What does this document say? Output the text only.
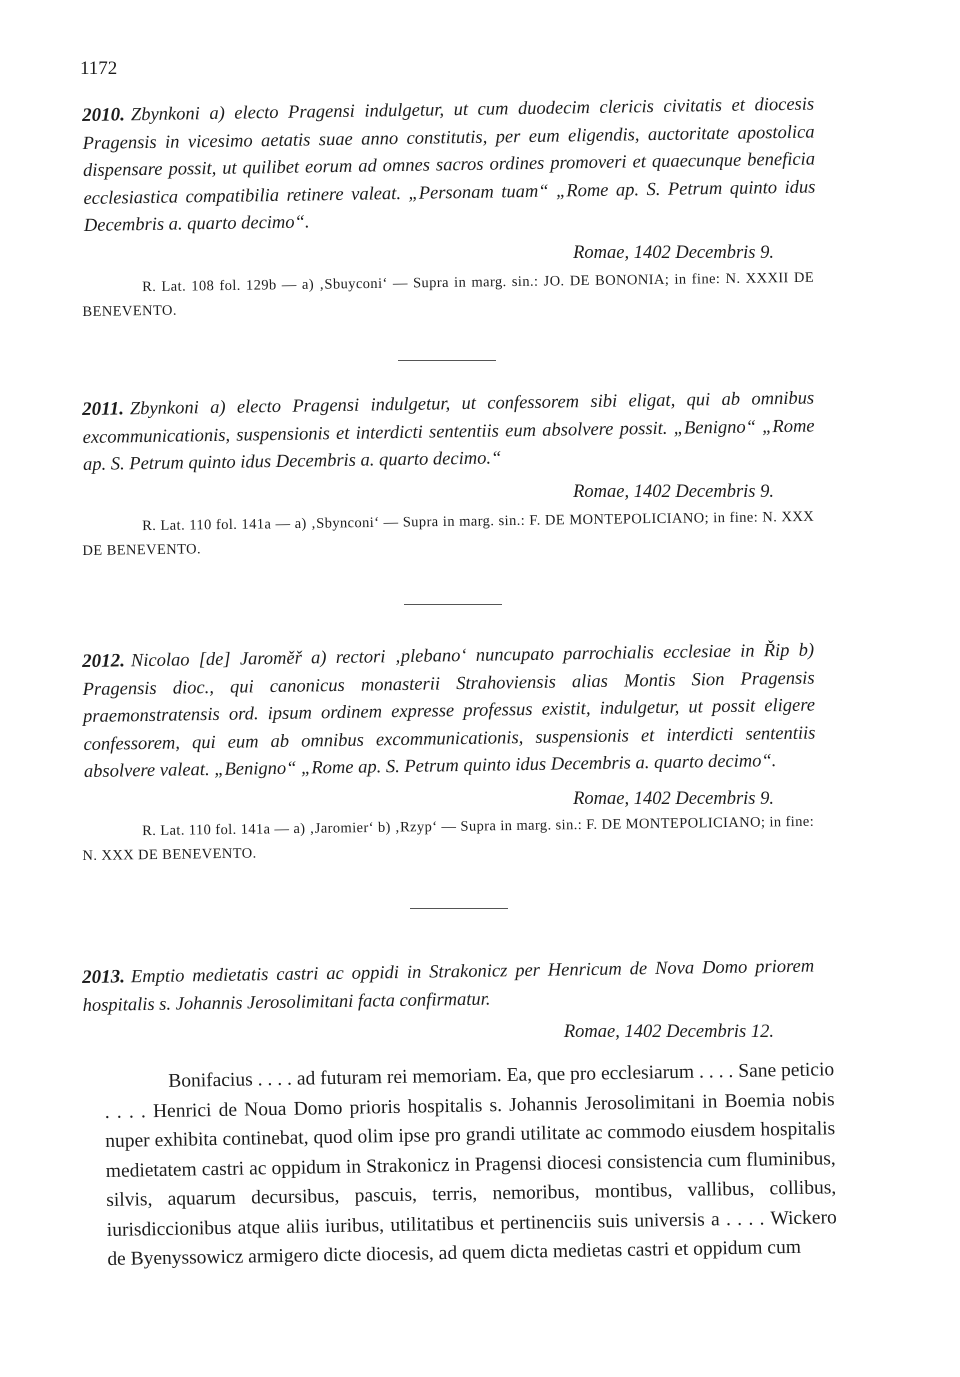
1172
2010. Zbynkoni a) electo Pragensi indulgetur, ut cum duodecim clericis civitatis et diocesis Pragensis in vicesimo aetatis suae anno constitutis, per eum eligendis, auctoritate apostolica dispensare possit, ut quilibet eorum ad omnes sacros ordines promoveri et quaecunque beneficia ecclesiastica compatibilia retinere valeat. „Personam tuam“ „Rome ap. S. Petrum quinto idus Decembris a. quarto decimo“.
Romae, 1402 Decembris 9.
R. Lat. 108 fol. 129b — a) ‚Sbuyconi‘ — Supra in marg. sin.: JO. DE BONONIA; in fine: N. XXXII DE BENEVENTO.
2011. Zbynkoni a) electo Pragensi indulgetur, ut confessorem sibi eligat, qui ab omnibus excommunicationis, suspensionis et interdicti sententiis eum absolvere possit. „Benigno“ „Rome ap. S. Petrum quinto idus Decembris a. quarto decimo.“
Romae, 1402 Decembris 9.
R. Lat. 110 fol. 141a — a) ‚Sbynconi‘ — Supra in marg. sin.: F. DE MONTEPOLICIANO; in fine: N. XXX DE BENEVENTO.
2012. Nicolao [de] Jaroměř a) rectori ‚plebano‘ nuncupato parrochialis ecclesiae in Řip b) Pragensis dioc., qui canonicus monasterii Strahoviensis alias Montis Sion Pragensis praemonstratensis ord. ipsum ordinem expresse professus existit, indulgetur, ut possit eligere confessorem, qui eum ab omnibus excommunicationis, suspensionis et interdicti sententiis absolvere valeat. „Benigno“ „Rome ap. S. Petrum quinto idus Decembris a. quarto decimo“.
Romae, 1402 Decembris 9.
R. Lat. 110 fol. 141a — a) ‚Jaromier‘ b) ‚Rzyp‘ — Supra in marg. sin.: F. DE MONTEPOLICIANO; in fine: N. XXX DE BENEVENTO.
2013. Emptio medietatis castri ac oppidi in Strakonicz per Henricum de Nova Domo priorem hospitalis s. Johannis Jerosolimitani facta confirmatur.
Romae, 1402 Decembris 12.
Bonifacius . . . . ad futuram rei memoriam. Ea, que pro ecclesiarum . . . . Sane peticio . . . . Henrici de Noua Domo prioris hospitalis s. Johannis Jerosolimitani in Boemia nobis nuper exhibita continebat, quod olim ipse pro grandi utilitate ac commodo eiusdem hospitalis medietatem castri ac oppidum in Strakonicz in Pragensi diocesi consistencia cum fluminibus, silvis, aquarum decursibus, pascuis, terris, nemoribus, montibus, vallibus, collibus, iurisdiccionibus atque aliis iuribus, utilitatibus et pertinenciis suis universis a . . . . Wickero de Byenyssowicz armigero dicte diocesis, ad quem dicta medietas castri et oppidum cum
